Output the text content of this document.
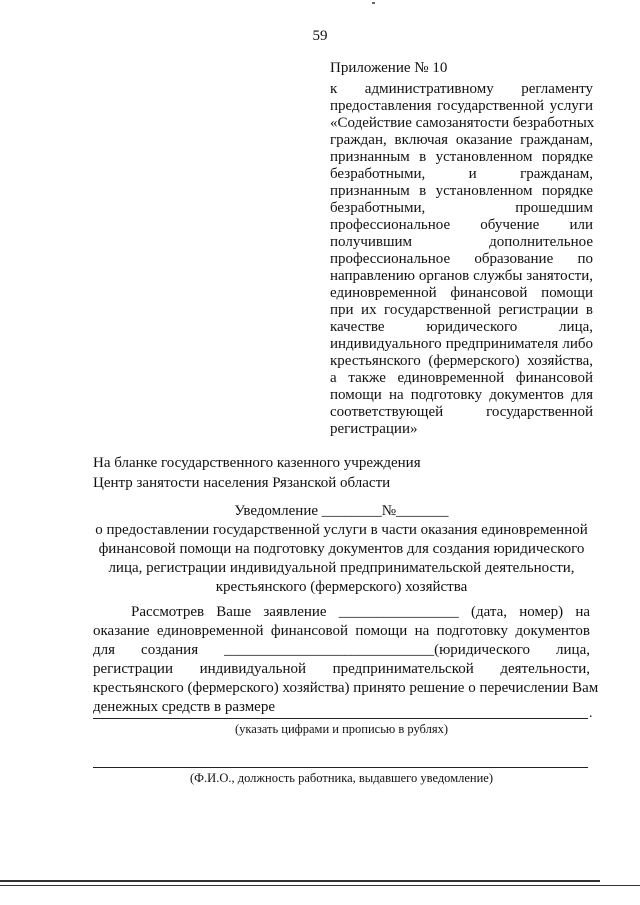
59
Приложение № 10
к административному регламенту
предоставления государственной услуги
«Содействие самозанятости безработных
граждан, включая оказание гражданам,
признанным в установленном порядке
безработными, и гражданам,
признанным в установленном порядке
безработными, прошедшим
профессиональное обучение или
получившим дополнительное
профессиональное образование по
направлению органов службы занятости,
единовременной финансовой помощи
при их государственной регистрации в
качестве юридического лица,
индивидуального предпринимателя либо
крестьянского (фермерского) хозяйства,
а также единовременной финансовой
помощи на подготовку документов для
соответствующей государственной
регистрации»
На бланке государственного казенного учреждения
Центр занятости населения Рязанской области
Уведомление ________№_______
о предоставлении государственной услуги в части оказания единовременной
финансовой помощи на подготовку документов для создания юридического
лица, регистрации индивидуальной предпринимательской деятельности,
крестьянского (фермерского) хозяйства
Рассмотрев Ваше заявление ________________ (дата, номер) на
оказание единовременной финансовой помощи на подготовку документов
для создания ____________________________(юридического лица,
регистрации индивидуальной предпринимательской деятельности,
крестьянского (фермерского) хозяйства) принято решение о перечислении Вам
денежных средств в размере	.
(указать цифрами и прописью в рублях)
(Ф.И.О., должность работника, выдавшего уведомление)
